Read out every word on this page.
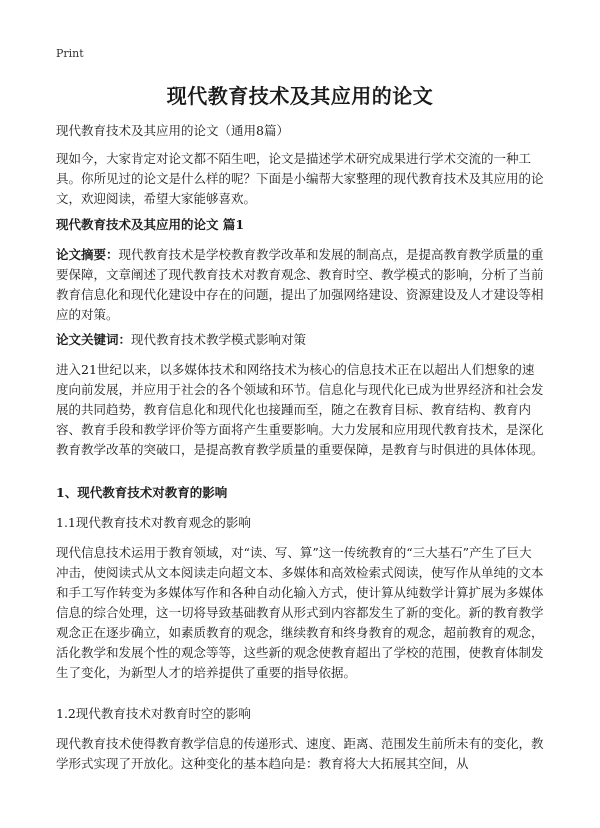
Print
现代教育技术及其应用的论文
现代教育技术及其应用的论文（通用8篇）
现如今，大家肯定对论文都不陌生吧，论文是描述学术研究成果进行学术交流的一种工具。你所见过的论文是什么样的呢？下面是小编帮大家整理的现代教育技术及其应用的论文，欢迎阅读，希望大家能够喜欢。
现代教育技术及其应用的论文 篇1
论文摘要：现代教育技术是学校教育教学改革和发展的制高点，是提高教育教学质量的重要保障，文章阐述了现代教育技术对教育观念、教育时空、教学模式的影响，分析了当前教育信息化和现代化建设中存在的问题，提出了加强网络建设、资源建设及人才建设等相应的对策。
论文关键词：现代教育技术教学模式影响对策
进入21世纪以来，以多媒体技术和网络技术为核心的信息技术正在以超出人们想象的速度向前发展，并应用于社会的各个领域和环节。信息化与现代化已成为世界经济和社会发展的共同趋势，教育信息化和现代化也接踵而至，随之在教育目标、教育结构、教育内容、教育手段和教学评价等方面将产生重要影响。大力发展和应用现代教育技术，是深化教育教学改革的突破口，是提高教育教学质量的重要保障，是教育与时俱进的具体体现。
1、现代教育技术对教育的影响
1.1现代教育技术对教育观念的影响
现代信息技术运用于教育领域，对“读、写、算”这一传统教育的“三大基石”产生了巨大冲击，使阅读式从文本阅读走向超文本、多媒体和高效检索式阅读，使写作从单纯的文本和手工写作转变为多媒体写作和各种自动化输入方式，使计算从纯数学计算扩展为多媒体信息的综合处理，这一切将导致基础教育从形式到内容都发生了新的变化。新的教育教学观念正在逐步确立，如素质教育的观念，继续教育和终身教育的观念，超前教育的观念，活化教学和发展个性的观念等等，这些新的观念使教育超出了学校的范围，使教育体制发生了变化，为新型人才的培养提供了重要的指导依据。
1.2现代教育技术对教育时空的影响
现代教育技术使得教育教学信息的传递形式、速度、距离、范围发生前所未有的变化，教学形式实现了开放化。这种变化的基本趋向是：教育将大大拓展其空间，从
